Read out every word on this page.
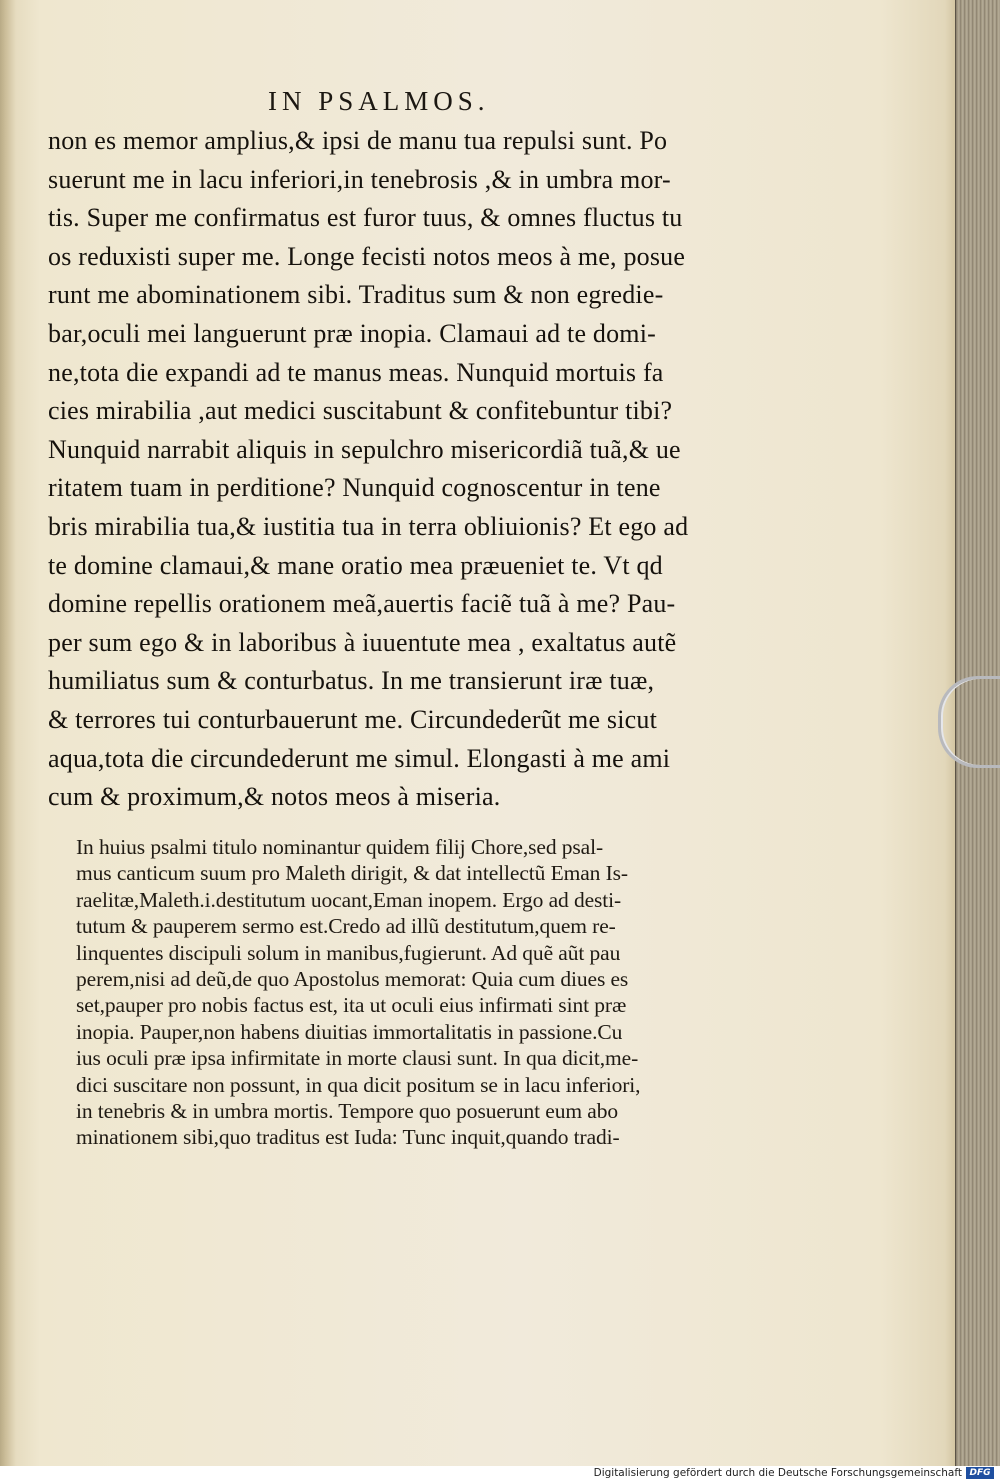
IN PSALMOS.

non es memor amplius,& ipsi de manu tua repulsi sunt. Po
suerunt me in lacu inferiori,in tenebrosis ,& in umbra mor-
tis. Super me confirmatus est furor tuus, & omnes fluctus tu
os reduxisti super me. Longe fecisti notos meos à me, posue
runt me abominationem sibi. Traditus sum & non egredie-
bar,oculi mei languerunt præ inopia. Clamaui ad te domi-
ne,tota die expandi ad te manus meas. Nunquid mortuis fa
cies mirabilia ,aut medici suscitabunt & confitebuntur tibi?
Nunquid narrabit aliquis in sepulchro misericordiã tuã,& ue
ritatem tuam in perditione? Nunquid cognoscentur in tene
bris mirabilia tua,& iustitia tua in terra obliuionis? Et ego ad
te domine clamaui,& mane oratio mea præueniet te. Vt qd
domine repellis orationem meã,auertis faciẽ tuã à me? Pau-
per sum ego & in laboribus à iuuentute mea , exaltatus autẽ
humiliatus sum & conturbatus. In me transierunt iræ tuæ,
& terrores tui conturbauerunt me. Circundederũt me sicut
aqua,tota die circundederunt me simul. Elongasti à me ami
cum & proximum,& notos meos à miseria.

In huius psalmi titulo nominantur quidem filij Chore,sed psal-
mus canticum suum pro Maleth dirigit, & dat intellectũ Eman Is-
raelitæ,Maleth.i.destitutum uocant,Eman inopem. Ergo ad desti-
tutum & pauperem sermo est.Credo ad illũ destitutum,quem re-
linquentes discipuli solum in manibus,fugierunt. Ad quẽ aũt pau
perem,nisi ad deũ,de quo Apostolus memorat: Quia cum diues es
set,pauper pro nobis factus est, ita ut oculi eius infirmati sint præ
inopia. Pauper,non habens diuitias immortalitatis in passione.Cu
ius oculi præ ipsa infirmitate in morte clausi sunt. In qua dicit,me-
dici suscitare non possunt, in qua dicit positum se in lacu inferiori,
in tenebris & in umbra mortis. Tempore quo posuerunt eum abo
minationem sibi,quo traditus est Iuda: Tunc inquit,quando tradi-

Digitalisierung gefördert durch die Deutsche Forschungsgemeinschaft DFG
